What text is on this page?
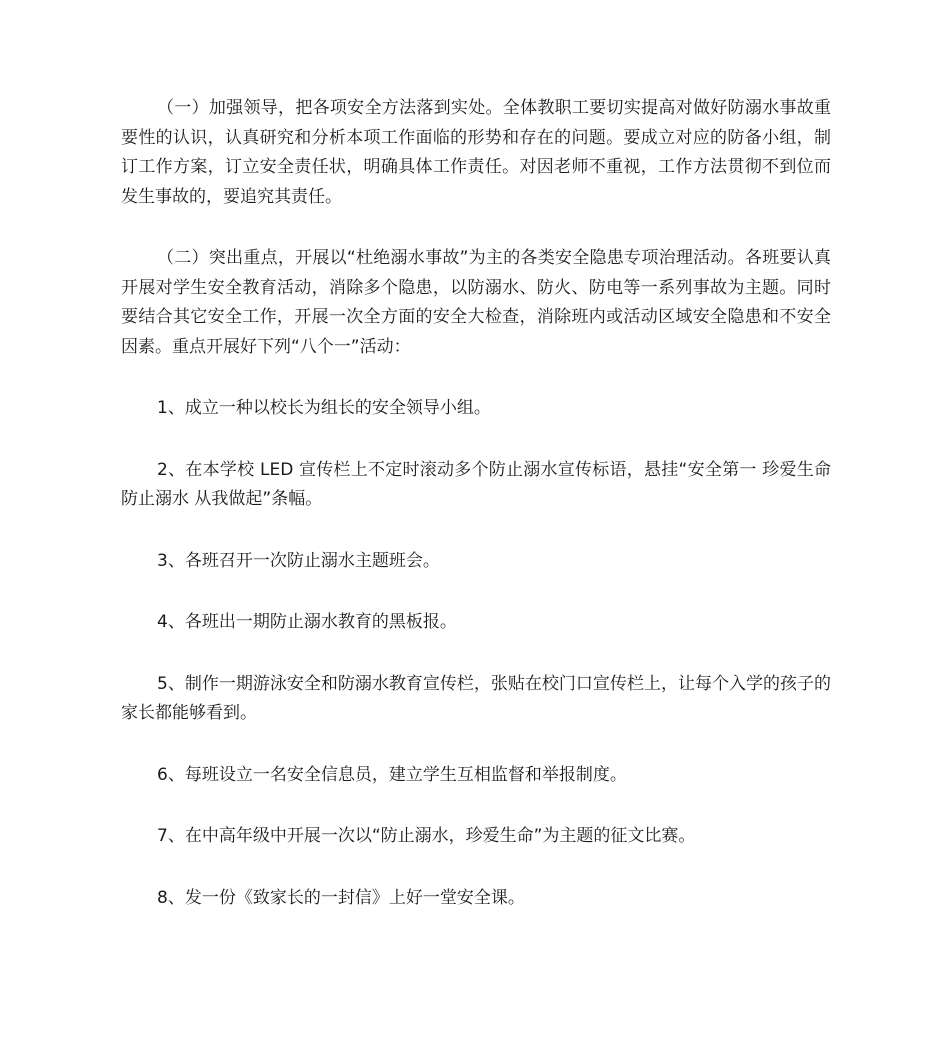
（一）加强领导，把各项安全方法落到实处。全体教职工要切实提高对做好防溺水事故重要性的认识，认真研究和分析本项工作面临的形势和存在的问题。要成立对应的防备小组，制订工作方案，订立安全责任状，明确具体工作责任。对因老师不重视，工作方法贯彻不到位而发生事故的，要追究其责任。

（二）突出重点，开展以“杜绝溺水事故”为主的各类安全隐患专项治理活动。各班要认真开展对学生安全教育活动，消除多个隐患，以防溺水、防火、防电等一系列事故为主题。同时要结合其它安全工作，开展一次全方面的安全大检查，消除班内或活动区域安全隐患和不安全因素。重点开展好下列“八个一”活动：

1、成立一种以校长为组长的安全领导小组。

2、在本学校 LED 宣传栏上不定时滚动多个防止溺水宣传标语，悬挂“安全第一 珍爱生命 防止溺水 从我做起”条幅。

3、各班召开一次防止溺水主题班会。

4、各班出一期防止溺水教育的黑板报。

5、制作一期游泳安全和防溺水教育宣传栏，张贴在校门口宣传栏上，让每个入学的孩子的家长都能够看到。

6、每班设立一名安全信息员，建立学生互相监督和举报制度。

7、在中高年级中开展一次以“防止溺水，珍爱生命”为主题的征文比赛。

8、发一份《致家长的一封信》上好一堂安全课。
